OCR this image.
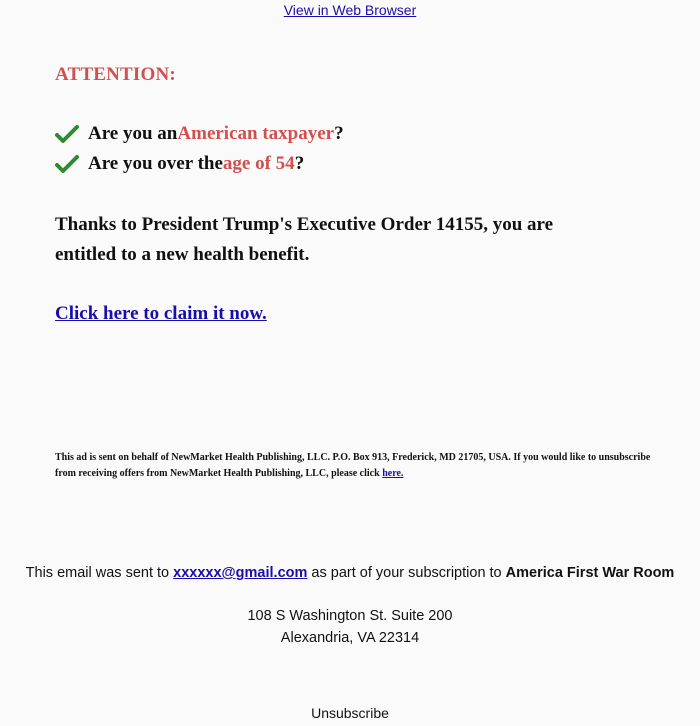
View in Web Browser
ATTENTION:
Are you an American taxpayer ?
Are you over the age of 54 ?
Thanks to President Trump's Executive Order 14155, you are entitled to a new health benefit.
Click here to claim it now.
This ad is sent on behalf of NewMarket Health Publishing, LLC. P.O. Box 913, Frederick, MD 21705, USA. If you would like to unsubscribe from receiving offers from NewMarket Health Publishing, LLC, please click here.
This email was sent to xxxxxx@gmail.com as part of your subscription to America First War Room
108 S Washington St. Suite 200
Alexandria, VA 22314
Unsubscribe
